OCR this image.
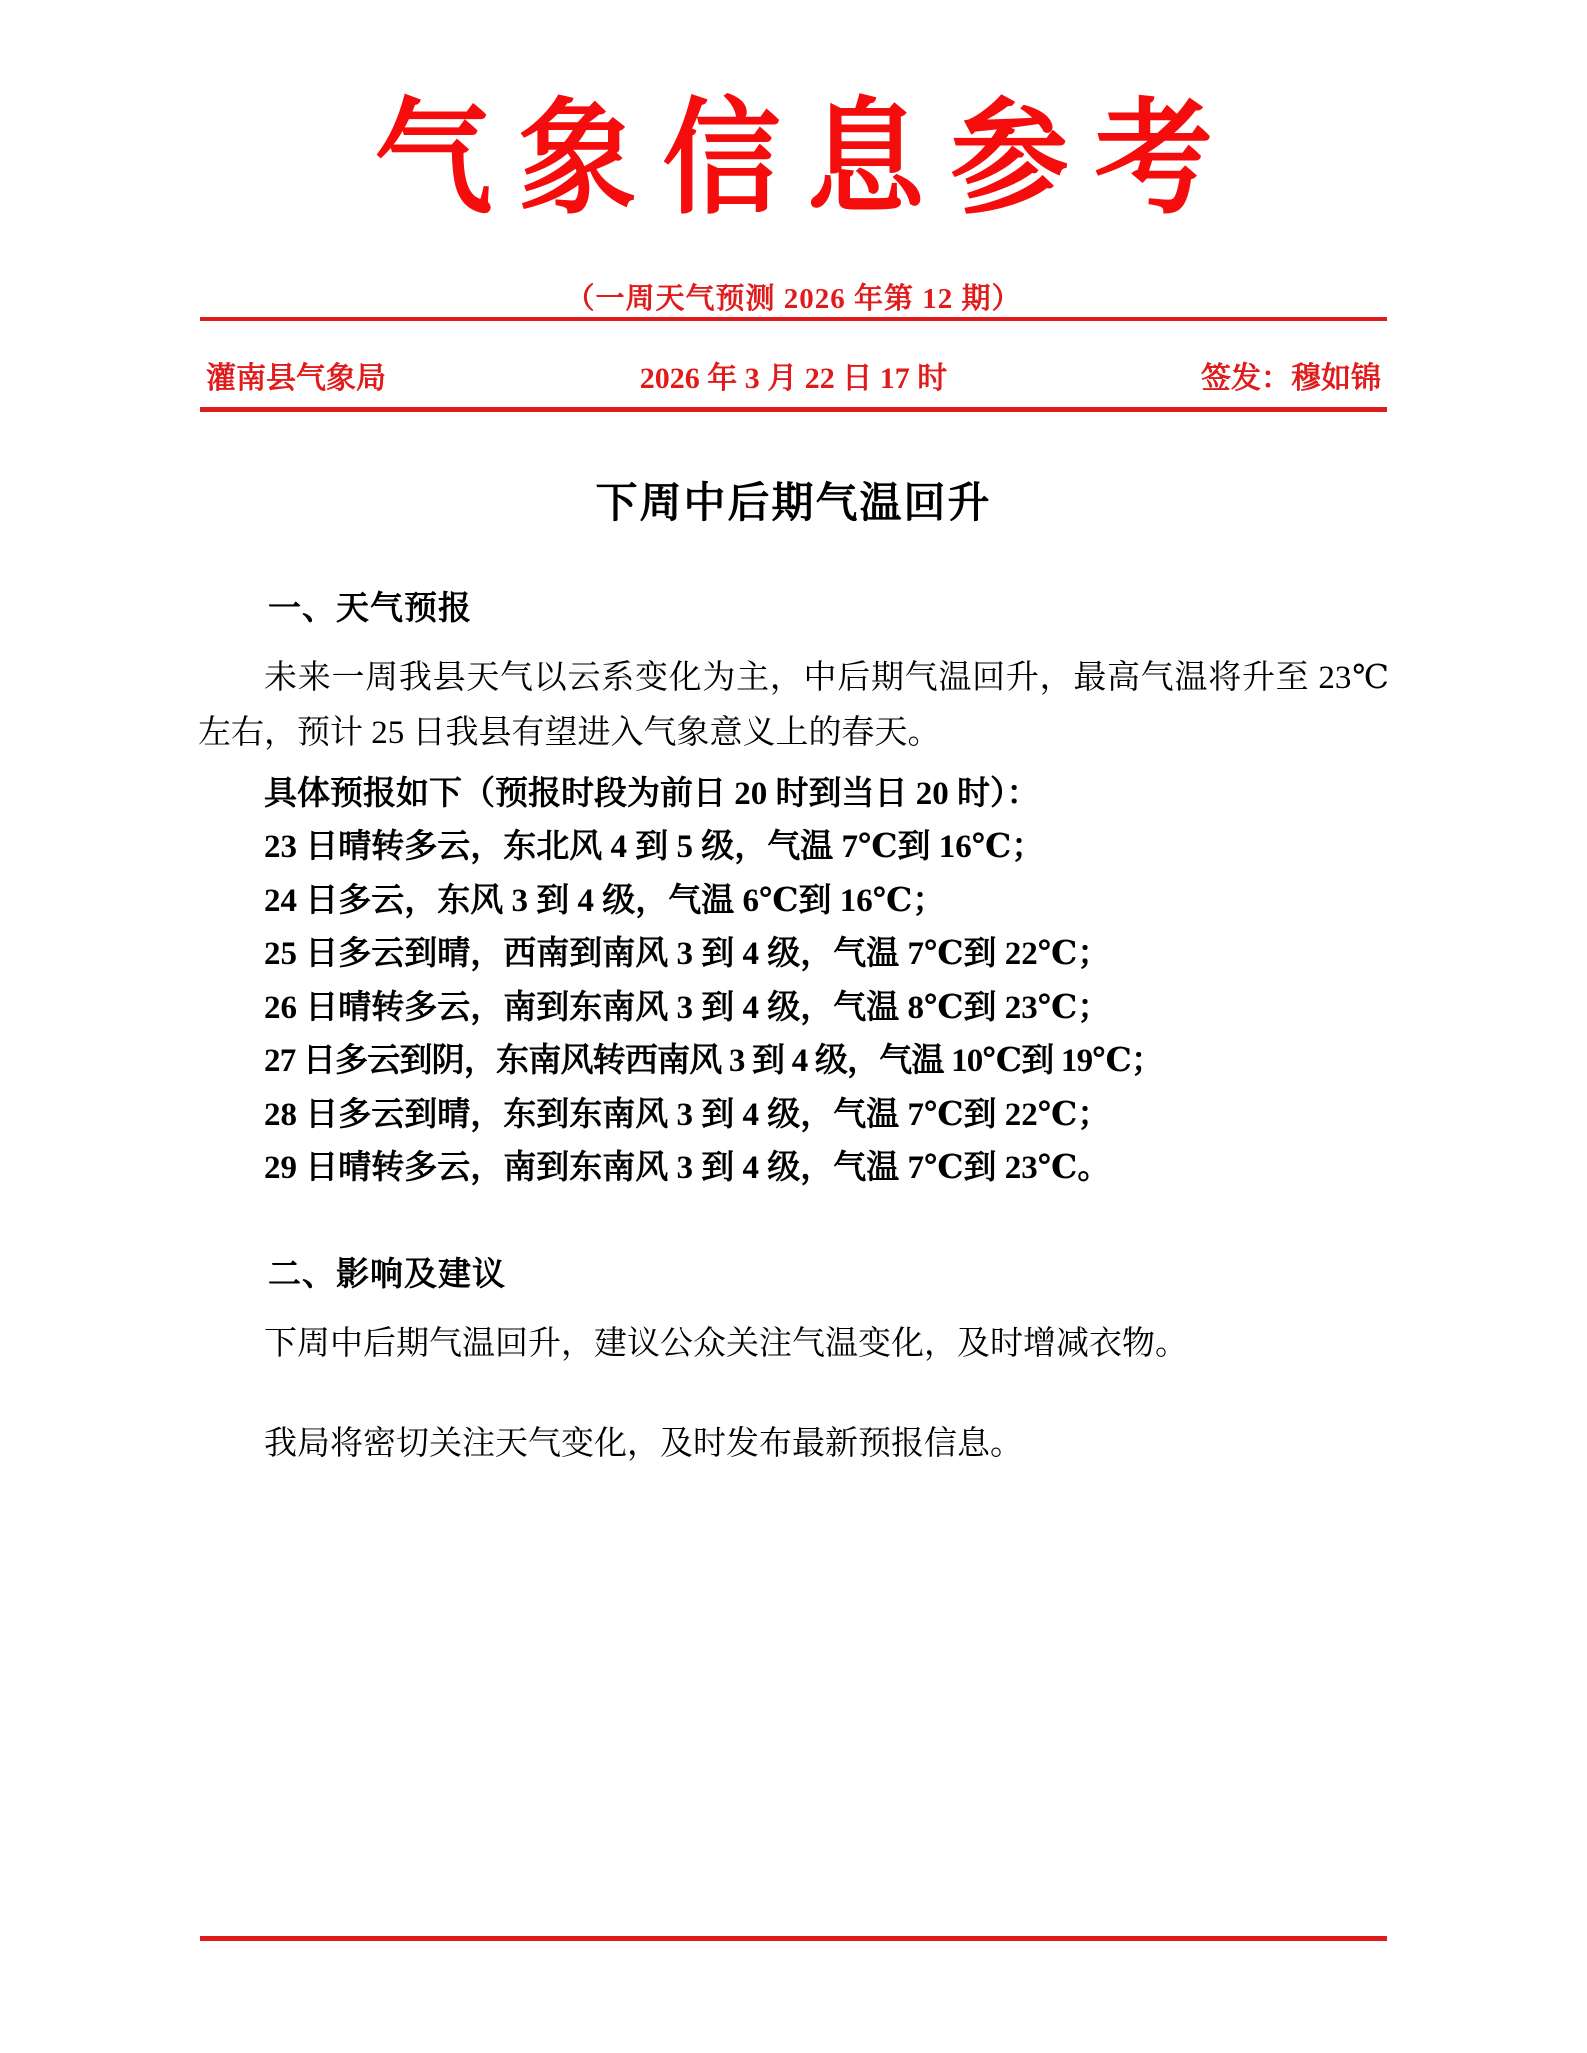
气象信息参考
（一周天气预测 2026 年第 12 期）
灌南县气象局	2026 年 3 月 22 日 17 时	签发：穆如锦
下周中后期气温回升
一、天气预报
未来一周我县天气以云系变化为主，中后期气温回升，最高气温将升至 23℃左右，预计 25 日我县有望进入气象意义上的春天。
具体预报如下（预报时段为前日 20 时到当日 20 时）：
23 日晴转多云，东北风 4 到 5 级，气温 7℃到 16℃；
24 日多云，东风 3 到 4 级，气温 6℃到 16℃；
25 日多云到晴，西南到南风 3 到 4 级，气温 7℃到 22℃；
26 日晴转多云，南到东南风 3 到 4 级，气温 8℃到 23℃；
27 日多云到阴，东南风转西南风 3 到 4 级，气温 10℃到 19℃；
28 日多云到晴，东到东南风 3 到 4 级，气温 7℃到 22℃；
29 日晴转多云，南到东南风 3 到 4 级，气温 7℃到 23℃。
二、影响及建议
下周中后期气温回升，建议公众关注气温变化，及时增减衣物。
我局将密切关注天气变化，及时发布最新预报信息。
